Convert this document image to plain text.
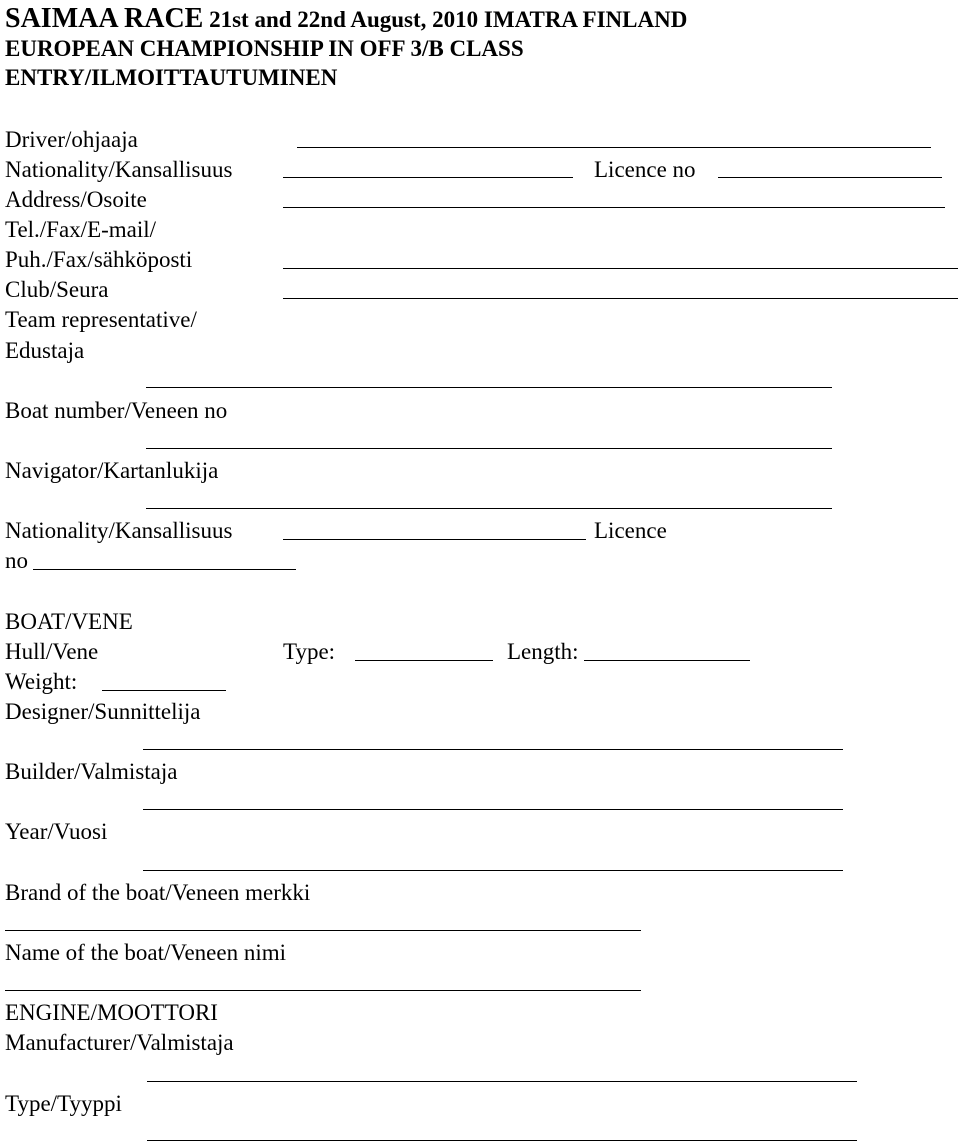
SAIMAA RACE 21st and 22nd August, 2010 IMATRA FINLAND
EUROPEAN CHAMPIONSHIP IN OFF 3/B CLASS
ENTRY/ILMOITTAUTUMINEN
Driver/ohjaaja
Nationality/Kansallisuus	Licence no
Address/Osoite
Tel./Fax/E-mail/
Puh./Fax/sähköposti
Club/Seura
Team representative/
Edustaja
Boat number/Veneen no
Navigator/Kartanlukija
Nationality/Kansallisuus	Licence
no
BOAT/VENE
Hull/Vene	Type:	Length:
Weight:
Designer/Sunnittelija
Builder/Valmistaja
Year/Vuosi
Brand of the boat/Veneen merkki
Name of the boat/Veneen nimi
ENGINE/MOOTTORI
Manufacturer/Valmistaja
Type/Tyyppi
